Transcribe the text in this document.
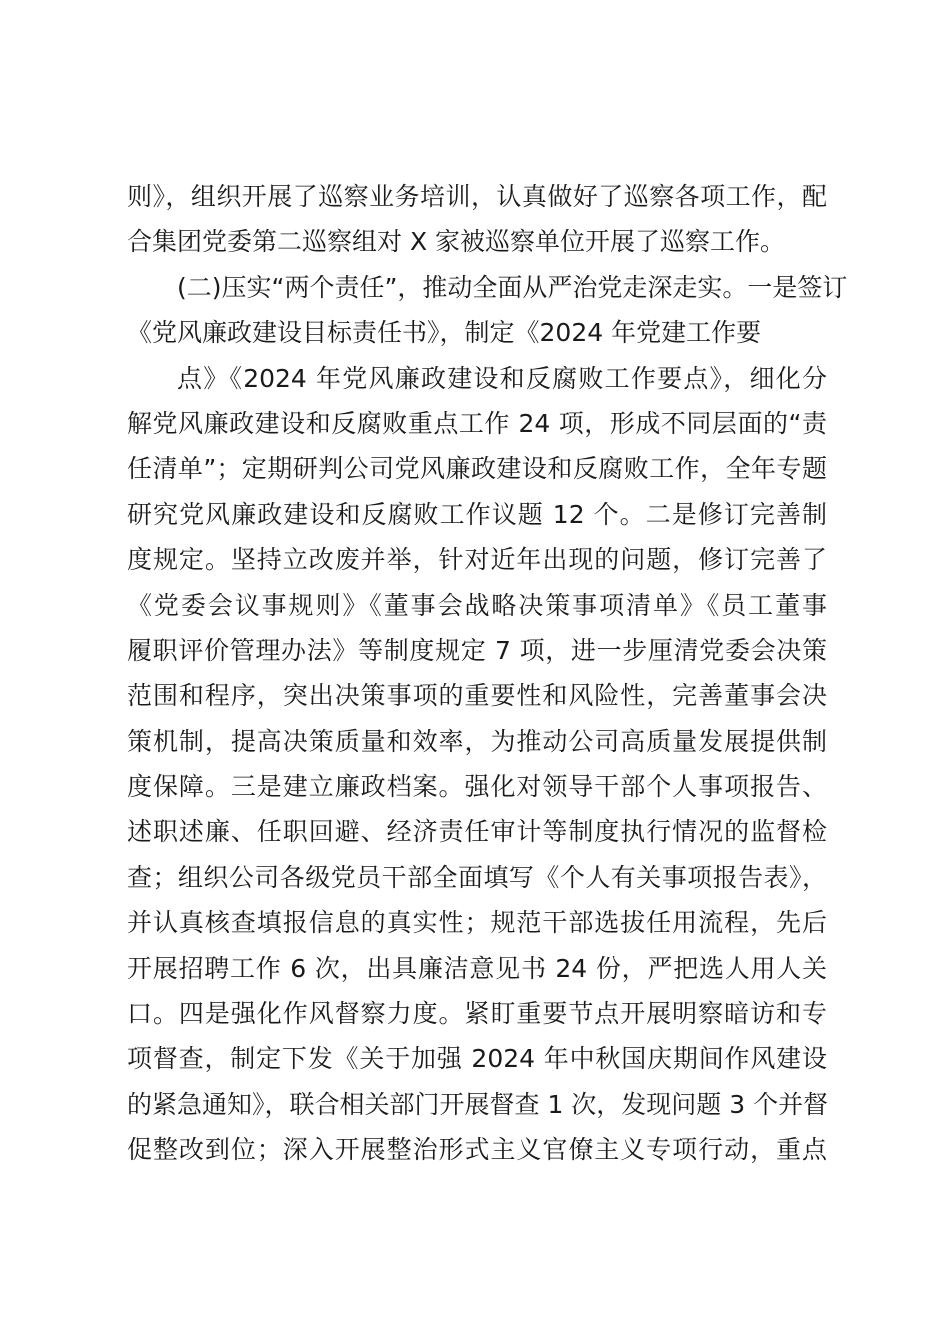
则》，组织开展了巡察业务培训，认真做好了巡察各项工作，配
合集团党委第二巡察组对 X 家被巡察单位开展了巡察工作。
(二)压实“两个责任”，推动全面从严治党走深走实。一是签订
《党风廉政建设目标责任书》，制定《2024 年党建工作要
点》《2024 年党风廉政建设和反腐败工作要点》，细化分
解党风廉政建设和反腐败重点工作 24 项，形成不同层面的“责
任清单”；定期研判公司党风廉政建设和反腐败工作，全年专题
研究党风廉政建设和反腐败工作议题 12 个。二是修订完善制
度规定。坚持立改废并举，针对近年出现的问题，修订完善了
《党委会议事规则》《董事会战略决策事项清单》《员工董事
履职评价管理办法》等制度规定 7 项，进一步厘清党委会决策
范围和程序，突出决策事项的重要性和风险性，完善董事会决
策机制，提高决策质量和效率，为推动公司高质量发展提供制
度保障。三是建立廉政档案。强化对领导干部个人事项报告、
述职述廉、任职回避、经济责任审计等制度执行情况的监督检
查；组织公司各级党员干部全面填写《个人有关事项报告表》，
并认真核查填报信息的真实性；规范干部选拔任用流程，先后
开展招聘工作 6 次，出具廉洁意见书 24 份，严把选人用人关
口。四是强化作风督察力度。紧盯重要节点开展明察暗访和专
项督查，制定下发《关于加强 2024 年中秋国庆期间作风建设
的紧急通知》，联合相关部门开展督查 1 次，发现问题 3 个并督
促整改到位；深入开展整治形式主义官僚主义专项行动，重点
